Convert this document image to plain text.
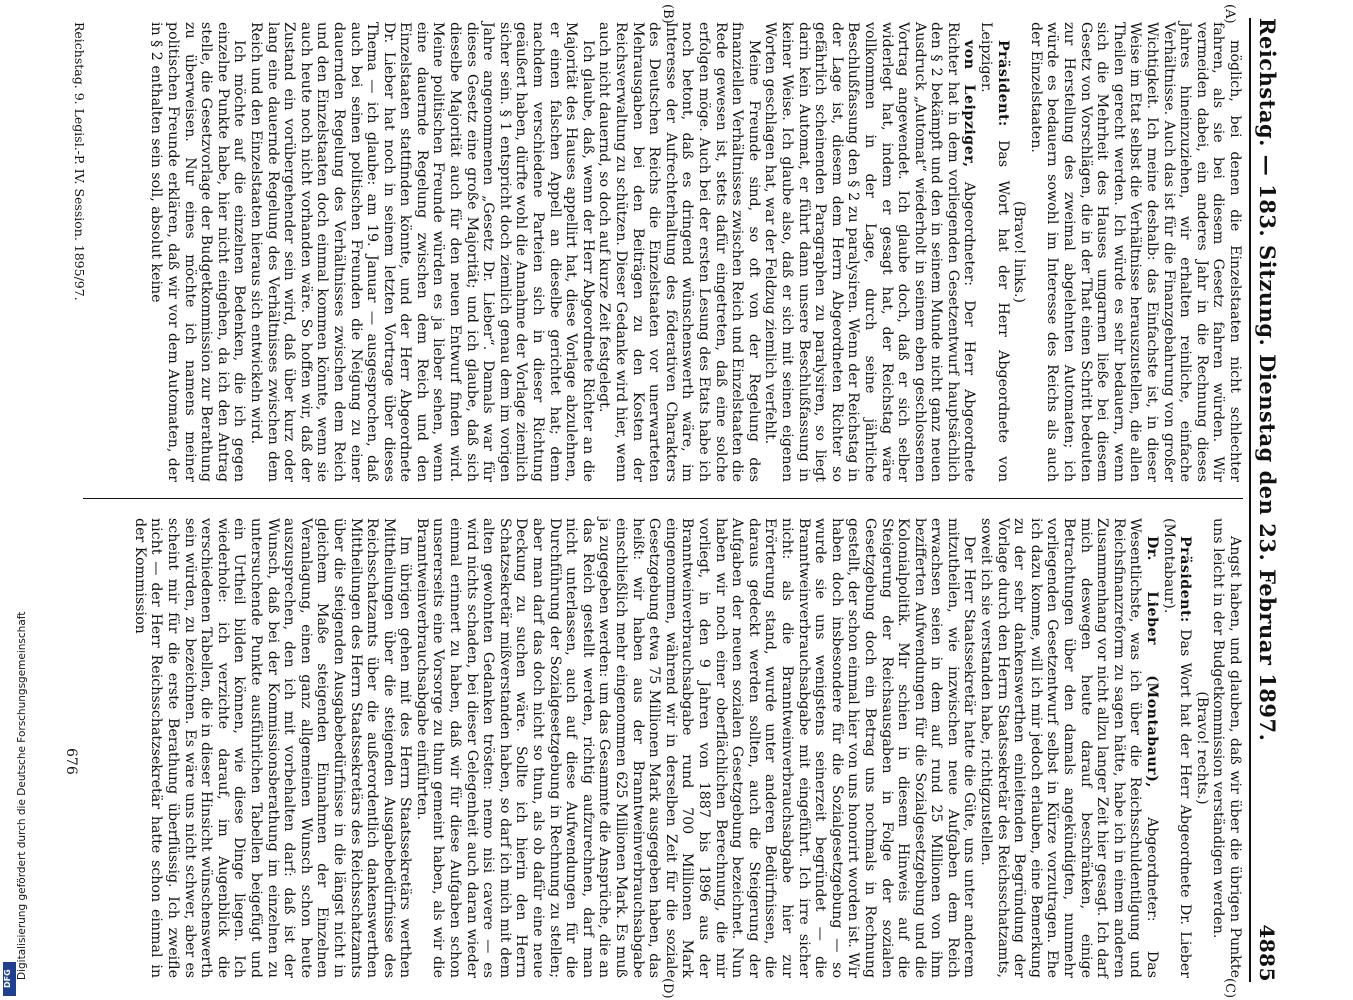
Reichstag. — 183. Sitzung. Dienstag den 23. Februar 1897.
4885
(A)
(B)
(C)
(D)

möglich, bei denen die Einzelstaaten nicht schlechter fahren, als sie bei diesem Gesetz fahren würden. Wir vermeiden dabei, ein anderes Jahr in die Rechnung dieses Jahres hineinzuziehen, wir erhalten reinliche, einfache Verhältnisse. Auch das ist für die Finanzgebahrung von großer Wichtigkeit. Ich meine deshalb: das Einfachste ist, in dieser Weise im Etat selbst die Verhältnisse herauszustellen, die allen Theilen gerecht werden. Ich würde es sehr bedauern, wenn sich die Mehrheit des Hauses umgarnen ließe bei diesem Gesetz von Vorschlägen, die in der That einen Schritt bedeuten zur Herstellung des zweimal abgelehnten Automaten; ich würde es bedauern sowohl im Interesse des Reichs als auch der Einzelstaaten.

(Bravo! links.)

Präsident: Das Wort hat der Herr Abgeordnete von Leipziger.

von Leipziger, Abgeordneter: Der Herr Abgeordnete Richter hat in dem vorliegenden Gesetzentwurf hauptsächlich den § 2 bekämpft und den in seinem Munde nicht ganz neuen Ausdruck „Automat“ wiederholt in seinem eben geschlossenen Vortrag angewendet. Ich glaube doch, daß er sich selber widerlegt hat, indem er gesagt hat, der Reichstag wäre vollkommen in der Lage, durch seine jährliche Beschlußfassung den § 2 zu paralysiren. Wenn der Reichstag in der Lage ist, diesem dem Herrn Abgeordneten Richter so gefährlich scheinenden Paragraphen zu paralysiren, so liegt darin kein Automat, er führt dann unsere Beschlußfassung in keiner Weise. Ich glaube also, daß er sich mit seinen eigenen Worten geschlagen hat, war der Feldzug ziemlich verfehlt.

Meine Freunde sind, so oft von der Regelung des finanziellen Verhältnisses zwischen Reich und Einzelstaaten die Rede gewesen ist, stets dafür eingetreten, daß eine solche erfolgen möge. Auch bei der ersten Lesung des Etats habe ich noch betont, daß es dringend wünschenswerth wäre, im Interesse der Aufrechterhaltung des föderativen Charakters des Deutschen Reichs die Einzelstaaten vor unerwarteten Mehrausgaben bei den Beiträgen zu den Kosten der Reichsverwaltung zu schützen. Dieser Gedanke wird hier, wenn auch nicht dauernd, so doch auf kurze Zeit festgelegt.

Ich glaube, daß, wenn der Herr Abgeordnete Richter an die Majorität des Hauses appellirt hat, diese Vorlage abzulehnen, er einen falschen Appell an dieselbe gerichtet hat; denn nachdem verschiedene Parteien sich in dieser Richtung geäußert haben, dürfte wohl die Annahme der Vorlage ziemlich sicher sein. § 1 entspricht doch ziemlich genau dem im vorigen Jahre angenommenen „Gesetz Dr. Lieber“. Damals war für dieses Gesetz eine große Majorität; und ich glaube, daß sich dieselbe Majorität auch für den neuen Entwurf finden wird. Meine politischen Freunde würden es ja lieber sehen, wenn eine dauernde Regelung zwischen dem Reich und den Einzelstaaten stattfinden könnte, und der Herr Abgeordnete Dr. Lieber hat noch in seinem letzten Vortrage über dieses Thema — ich glaube: am 19. Januar — ausgesprochen, daß auch bei seinen politischen Freunden die Neigung zu einer dauernden Regelung des Verhältnisses zwischen dem Reich und den Einzelstaaten doch einmal kommen könnte, wenn sie auch heute noch nicht vorhanden wäre. So hoffen wir, daß der Zustand ein vorübergehender sein wird, daß über kurz oder lang eine dauernde Regelung des Verhältnisses zwischen dem Reich und den Einzelstaaten hieraus sich entwickeln wird.

Ich möchte auf die einzelnen Bedenken, die ich gegen einzelne Punkte habe, hier nicht eingehen, da ich den Antrag stelle, die Gesetzvorlage der Budgetkommission zur Berathung zu überweisen. Nur eines möchte ich namens meiner politischen Freunde erklären, daß wir vor dem Automaten, der in § 2 enthalten sein soll, absolut keine

Angst haben, und glauben, daß wir über die übrigen Punkte uns leicht in der Budgetkommission verständigen werden.

(Bravo! rechts.)

Präsident: Das Wort hat der Herr Abgeordnete Dr. Lieber (Montabaur).

Dr. Lieber (Montabaur), Abgeordneter: Das Wesentlichste, was ich über die Reichsschuldentilgung und Reichsfinanzreform zu sagen hätte, habe ich in einem anderen Zusammenhang vor nicht allzu langer Zeit hier gesagt. Ich darf mich deswegen heute darauf beschränken, einige Betrachtungen über den damals angekündigten, nunmehr vorliegenden Gesetzentwurf selbst in Kürze vorzutragen. Ehe ich dazu komme, will ich mir jedoch erlauben, eine Bemerkung zu der sehr dankenswerthen einleitenden Begründung der Vorlage durch den Herrn Staatssekretär des Reichsschatzamts, soweit ich sie verstanden habe, richtigzustellen.

Der Herr Staatssekretär hatte die Güte, uns unter anderem mitzutheilen, wie inzwischen neue Aufgaben dem Reich erwachsen seien in dem auf rund 25 Millionen von ihm bezifferten Aufwendungen für die Sozialgesetzgebung und die Kolonialpolitik. Mir schien in diesem Hinweis auf die Steigerung der Reichsausgaben in Folge der sozialen Gesetzgebung doch ein Betrag uns nochmals in Rechnung gestellt, der schon einmal hier von uns honorirt worden ist. Wir haben doch insbesondere für die Sozialgesetzgebung — so wurde sie uns wenigstens seinerzeit begründet — die Branntweinverbrauchsabgabe mit eingeführt. Ich irre sicher nicht: als die Branntweinverbrauchsabgabe hier zur Erörterung stand, wurde unter anderen Bedürfnissen, die daraus gedeckt werden sollten, auch die Steigerung der Aufgaben der neuen sozialen Gesetzgebung bezeichnet. Nun haben wir noch einer oberflächlichen Berechnung, die mir vorliegt, in den 9 Jahren von 1887 bis 1896 aus der Branntweinverbrauchsabgabe rund 700 Millionen Mark eingenommen, während wir in derselben Zeit für die soziale Gesetzgebung etwa 75 Millionen Mark ausgegeben haben, das heißt: wir haben aus der Branntweinverbrauchsabgabe einschließlich mehr eingenommen 625 Millionen Mark. Es muß ja zugegeben werden: um das Gesammte die Ansprüche, die an das Reich gestellt werden, richtig aufzurechnen, darf man nicht unterlassen, auch auf diese Aufwendungen für die Durchführung der Sozialgesetzgebung in Rechnung zu stellen; aber man darf das doch nicht so thun, als ob dafür eine neue Deckung zu suchen wäre. Sollte ich hierin den Herrn Schatzsekretär mißverstanden haben, so darf ich mich mit dem alten gewohnten Gedanken trösten: nemo nisi cavere — es wird nichts schaden, bei dieser Gelegenheit auch daran wieder einmal erinnert zu haben, daß wir für diese Aufgaben schon unsererseits eine Vorsorge zu thun gemeint haben, als wir die Branntweinverbrauchsabgabe einführten.

Im übrigen gehen mit des Herrn Staatssekretärs werthen Mittheilungen über die steigenden Ausgabebedürfnisse des Reichsschatzamts über die außerordentlich dankenswerthen Mittheilungen des Herrn Staatssekretärs des Reichsschatzamts über die steigenden Ausgabebedürfnisse in die längst nicht in gleichem Maße steigenden Einnahmen der Einzelnen Veranlagung, einen ganz allgemeinen Wunsch schon heute auszusprechen, den ich mit vorbehalten darf: daß ist der Wunsch, daß bei der Kommissionsberathung im einzelnen zu untersuchende Punkte ausführlichen Tabellen beigefügt und ein Urtheil bilden können, wie diese Dinge liegen. Ich wiederhole: ich verzichte darauf, im Augenblick die verschiedenen Tabellen, die in dieser Hinsicht wünschenswerth sein würden, zu bezeichnen. Es wäre uns nicht schwer, aber es scheint mir für die erste Berathung überflüssig. Ich zweifle nicht — der Herr Reichsschatzsekretär hatte schon einmal in der Kommission

Reichstag. 9. Legisl.-P. IV. Session. 1895/97.
676
Digitalisierung gefördert durch die Deutsche Forschungsgemeinschaft
DFG
